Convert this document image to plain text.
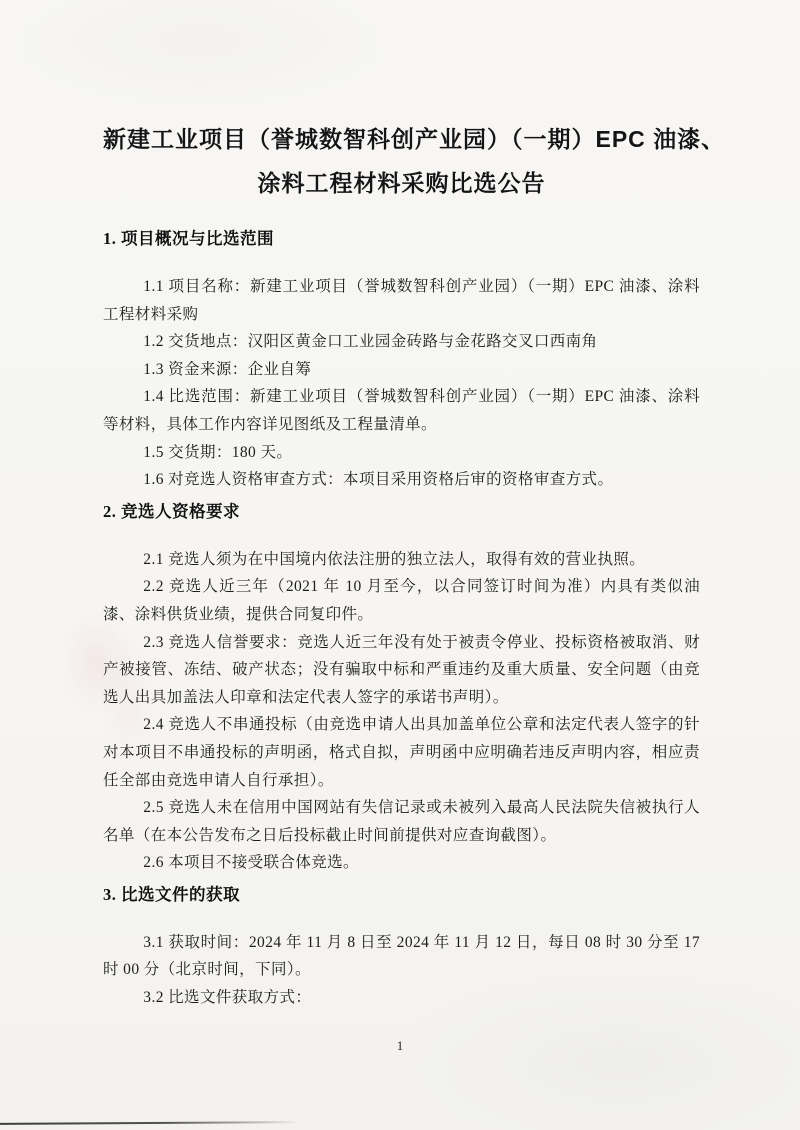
新建工业项目（誉城数智科创产业园）（一期）EPC 油漆、
涂料工程材料采购比选公告
1. 项目概况与比选范围

1.1 项目名称：新建工业项目（誉城数智科创产业园）（一期）EPC 油漆、涂料工程材料采购

1.2 交货地点：汉阳区黄金口工业园金砖路与金花路交叉口西南角

1.3 资金来源：企业自筹

1.4 比选范围：新建工业项目（誉城数智科创产业园）（一期）EPC 油漆、涂料等材料，具体工作内容详见图纸及工程量清单。

1.5 交货期：180 天。

1.6 对竞选人资格审查方式：本项目采用资格后审的资格审查方式。

2. 竞选人资格要求

2.1 竞选人须为在中国境内依法注册的独立法人，取得有效的营业执照。

2.2 竞选人近三年（2021 年 10 月至今，以合同签订时间为准）内具有类似油漆、涂料供货业绩，提供合同复印件。

2.3 竞选人信誉要求：竞选人近三年没有处于被责令停业、投标资格被取消、财产被接管、冻结、破产状态；没有骗取中标和严重违约及重大质量、安全问题（由竞选人出具加盖法人印章和法定代表人签字的承诺书声明）。

2.4 竞选人不串通投标（由竞选申请人出具加盖单位公章和法定代表人签字的针对本项目不串通投标的声明函，格式自拟，声明函中应明确若违反声明内容，相应责任全部由竞选申请人自行承担）。

2.5 竞选人未在信用中国网站有失信记录或未被列入最高人民法院失信被执行人名单（在本公告发布之日后投标截止时间前提供对应查询截图）。

2.6 本项目不接受联合体竞选。

3. 比选文件的获取

3.1 获取时间：2024 年 11 月 8 日至 2024 年 11 月 12 日，每日 08 时 30 分至 17 时 00 分（北京时间，下同）。

3.2 比选文件获取方式：

1
